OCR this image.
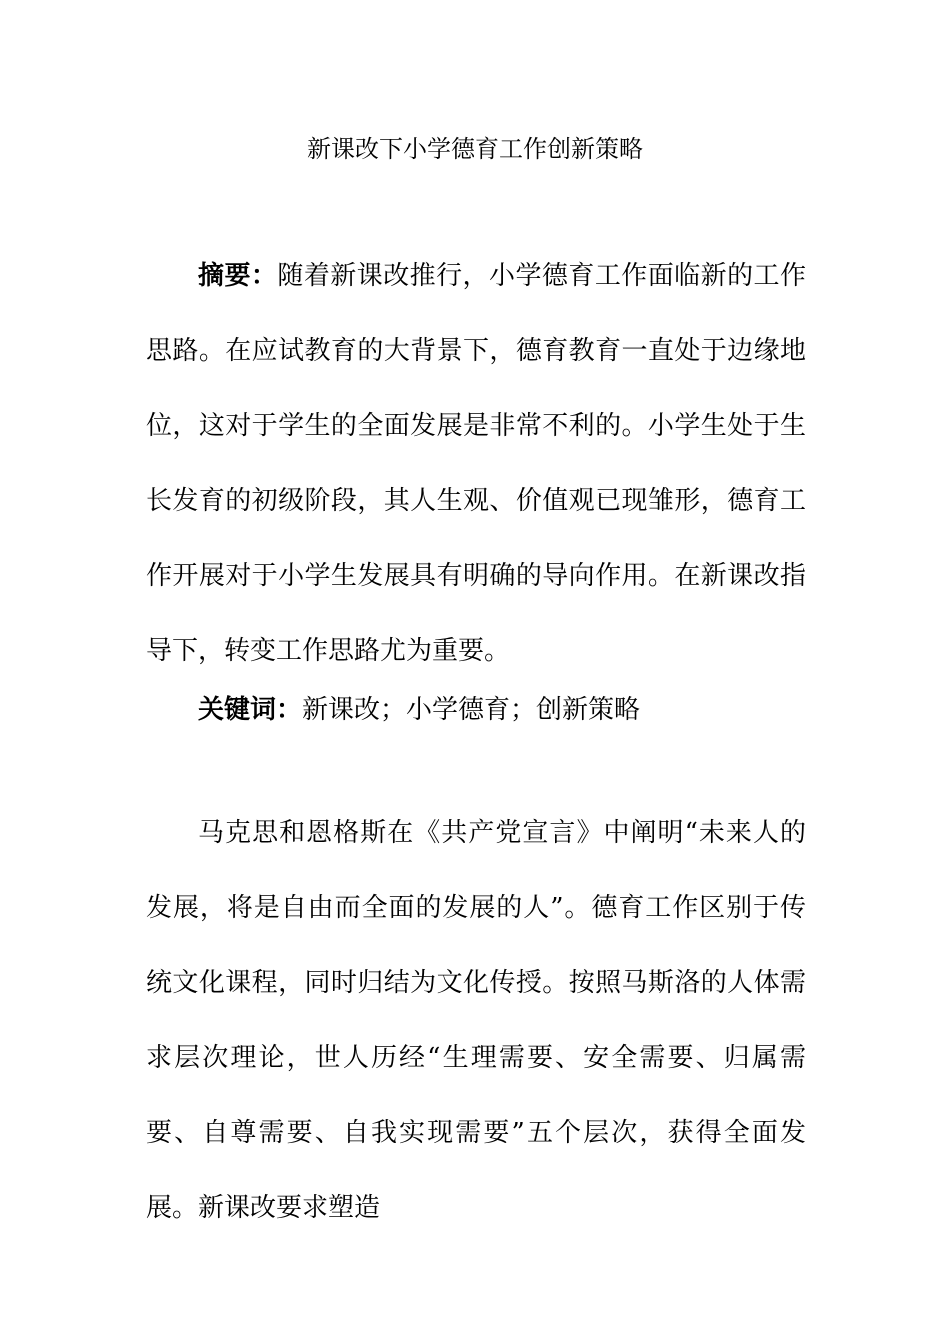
新课改下小学德育工作创新策略

摘要：随着新课改推行，小学德育工作面临新的工作思路。在应试教育的大背景下，德育教育一直处于边缘地位，这对于学生的全面发展是非常不利的。小学生处于生长发育的初级阶段，其人生观、价值观已现雏形，德育工作开展对于小学生发展具有明确的导向作用。在新课改指导下，转变工作思路尤为重要。

关键词：新课改；小学德育；创新策略

马克思和恩格斯在《共产党宣言》中阐明“未来人的发展，将是自由而全面的发展的人”。德育工作区别于传统文化课程，同时归结为文化传授。按照马斯洛的人体需求层次理论，世人历经“生理需要、安全需要、归属需要、自尊需要、自我实现需要”五个层次，获得全面发展。新课改要求塑造
